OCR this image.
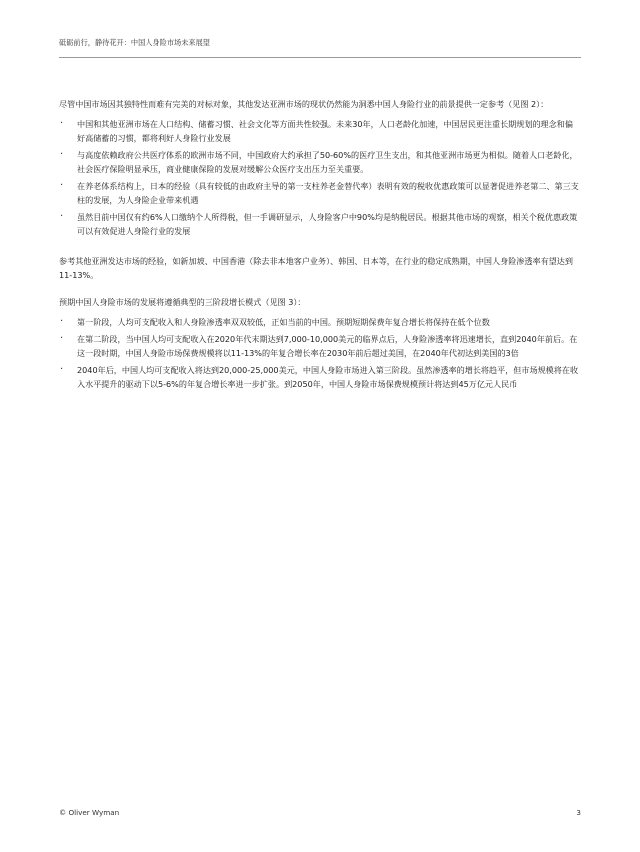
砥砺前行，静待花开：中国人身险市场未来展望

尽管中国市场因其独特性而难有完美的对标对象，其他发达亚洲市场的现状仍然能为洞悉中国人身险行业的前景提供一定参考（见图 2）：

· 中国和其他亚洲市场在人口结构、储蓄习惯、社会文化等方面共性较强。未来30年，人口老龄化加速，中国居民更注重长期规划的理念和偏好高储蓄的习惯，都将利好人身险行业发展
· 与高度依赖政府公共医疗体系的欧洲市场不同，中国政府大约承担了50-60%的医疗卫生支出，和其他亚洲市场更为相似。随着人口老龄化，社会医疗保险明显承压，商业健康保险的发展对缓解公众医疗支出压力至关重要。
· 在养老体系结构上，日本的经验（具有较低的由政府主导的第一支柱养老金替代率）表明有效的税收优惠政策可以显著促进养老第二、第三支柱的发展，为人身险企业带来机遇
· 虽然目前中国仅有约6%人口缴纳个人所得税，但一手调研显示，人身险客户中90%均是纳税居民。根据其他市场的观察，相关个税优惠政策可以有效促进人身险行业的发展

参考其他亚洲发达市场的经验，如新加坡、中国香港（除去非本地客户业务）、韩国、日本等，在行业的稳定成熟期，中国人身险渗透率有望达到11-13%。

预期中国人身险市场的发展将遵循典型的三阶段增长模式（见图 3）：

· 第一阶段，人均可支配收入和人身险渗透率双双较低，正如当前的中国。预期短期保费年复合增长将保持在低个位数
· 在第二阶段，当中国人均可支配收入在2020年代末期达到7,000-10,000美元的临界点后，人身险渗透率将迅速增长，直到2040年前后。在这一段时期，中国人身险市场保费规模将以11-13%的年复合增长率在2030年前后超过美国，在2040年代初达到美国的3倍
· 2040年后，中国人均可支配收入将达到20,000-25,000美元，中国人身险市场进入第三阶段。虽然渗透率的增长将趋平，但市场规模将在收入水平提升的驱动下以5-6%的年复合增长率进一步扩张。到2050年，中国人身险市场保费规模预计将达到45万亿元人民币
© Oliver Wyman	3
